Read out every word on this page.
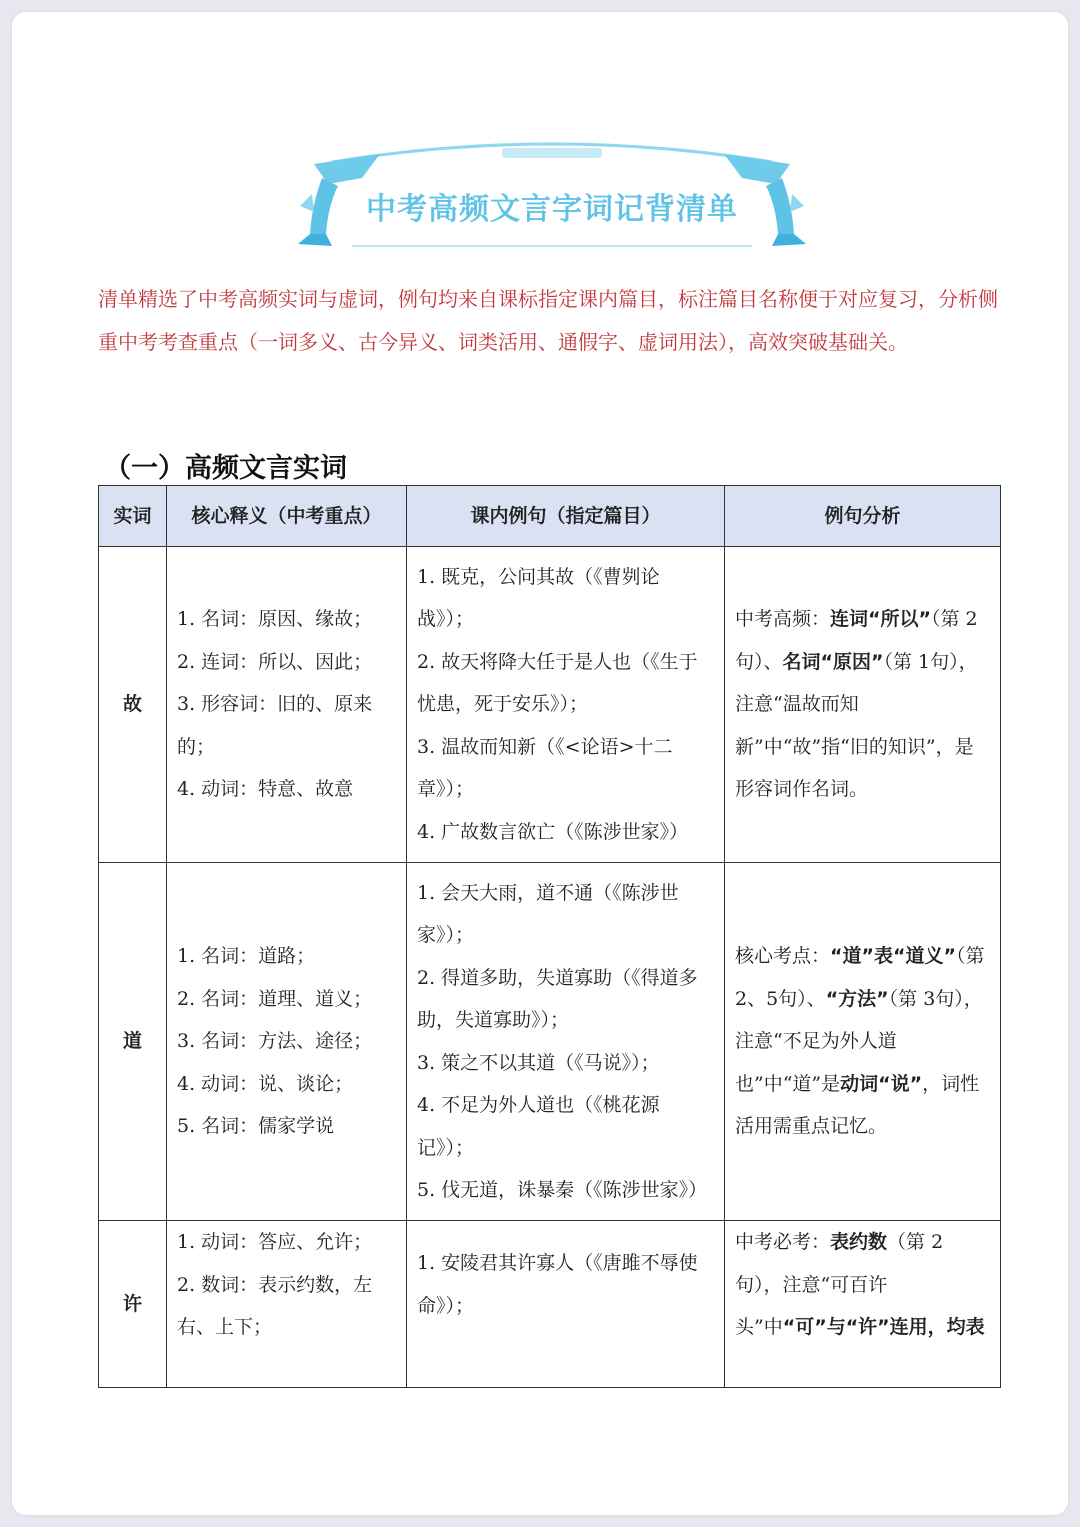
中考高频文言字词记背清单
清单精选了中考高频实词与虚词，例句均来自课标指定课内篇目，标注篇目名称便于对应复习，分析侧重中考考查重点（一词多义、古今异义、词类活用、通假字、虚词用法），高效突破基础关。
（一）高频文言实词
实词	核心释义（中考重点）	课内例句（指定篇目）	例句分析
故	1. 名词：原因、缘故；
2. 连词：所以、因此；
3. 形容词：旧的、原来的；
4. 动词：特意、故意	1. 既克，公问其故（《曹刿论战》）；
2. 故天将降大任于是人也（《生于忧患，死于安乐》）；
3. 温故而知新（《<论语>十二章》）；
4. 广故数言欲亡（《陈涉世家》）	中考高频：连词“所以”（第 2句）、名词“原因”（第 1句），注意“温故而知新”中“故”指“旧的知识”，是形容词作名词。
道	1. 名词：道路；
2. 名词：道理、道义；
3. 名词：方法、途径；
4. 动词：说、谈论；
5. 名词：儒家学说	1. 会天大雨，道不通（《陈涉世家》）；
2. 得道多助，失道寡助（《得道多助，失道寡助》）；
3. 策之不以其道（《马说》）；
4. 不足为外人道也（《桃花源记》）；
5. 伐无道，诛暴秦（《陈涉世家》）	核心考点：“道”表“道义”（第 2、5句）、“方法”（第 3句），注意“不足为外人道也”中“道”是动词“说”，词性活用需重点记忆。
许	1. 动词：答应、允许；
2. 数词：表示约数，左右、上下；	1. 安陵君其许寡人（《唐雎不辱使命》）；	中考必考：表约数（第 2句），注意“可百许头”中“可”与“许”连用，均表
